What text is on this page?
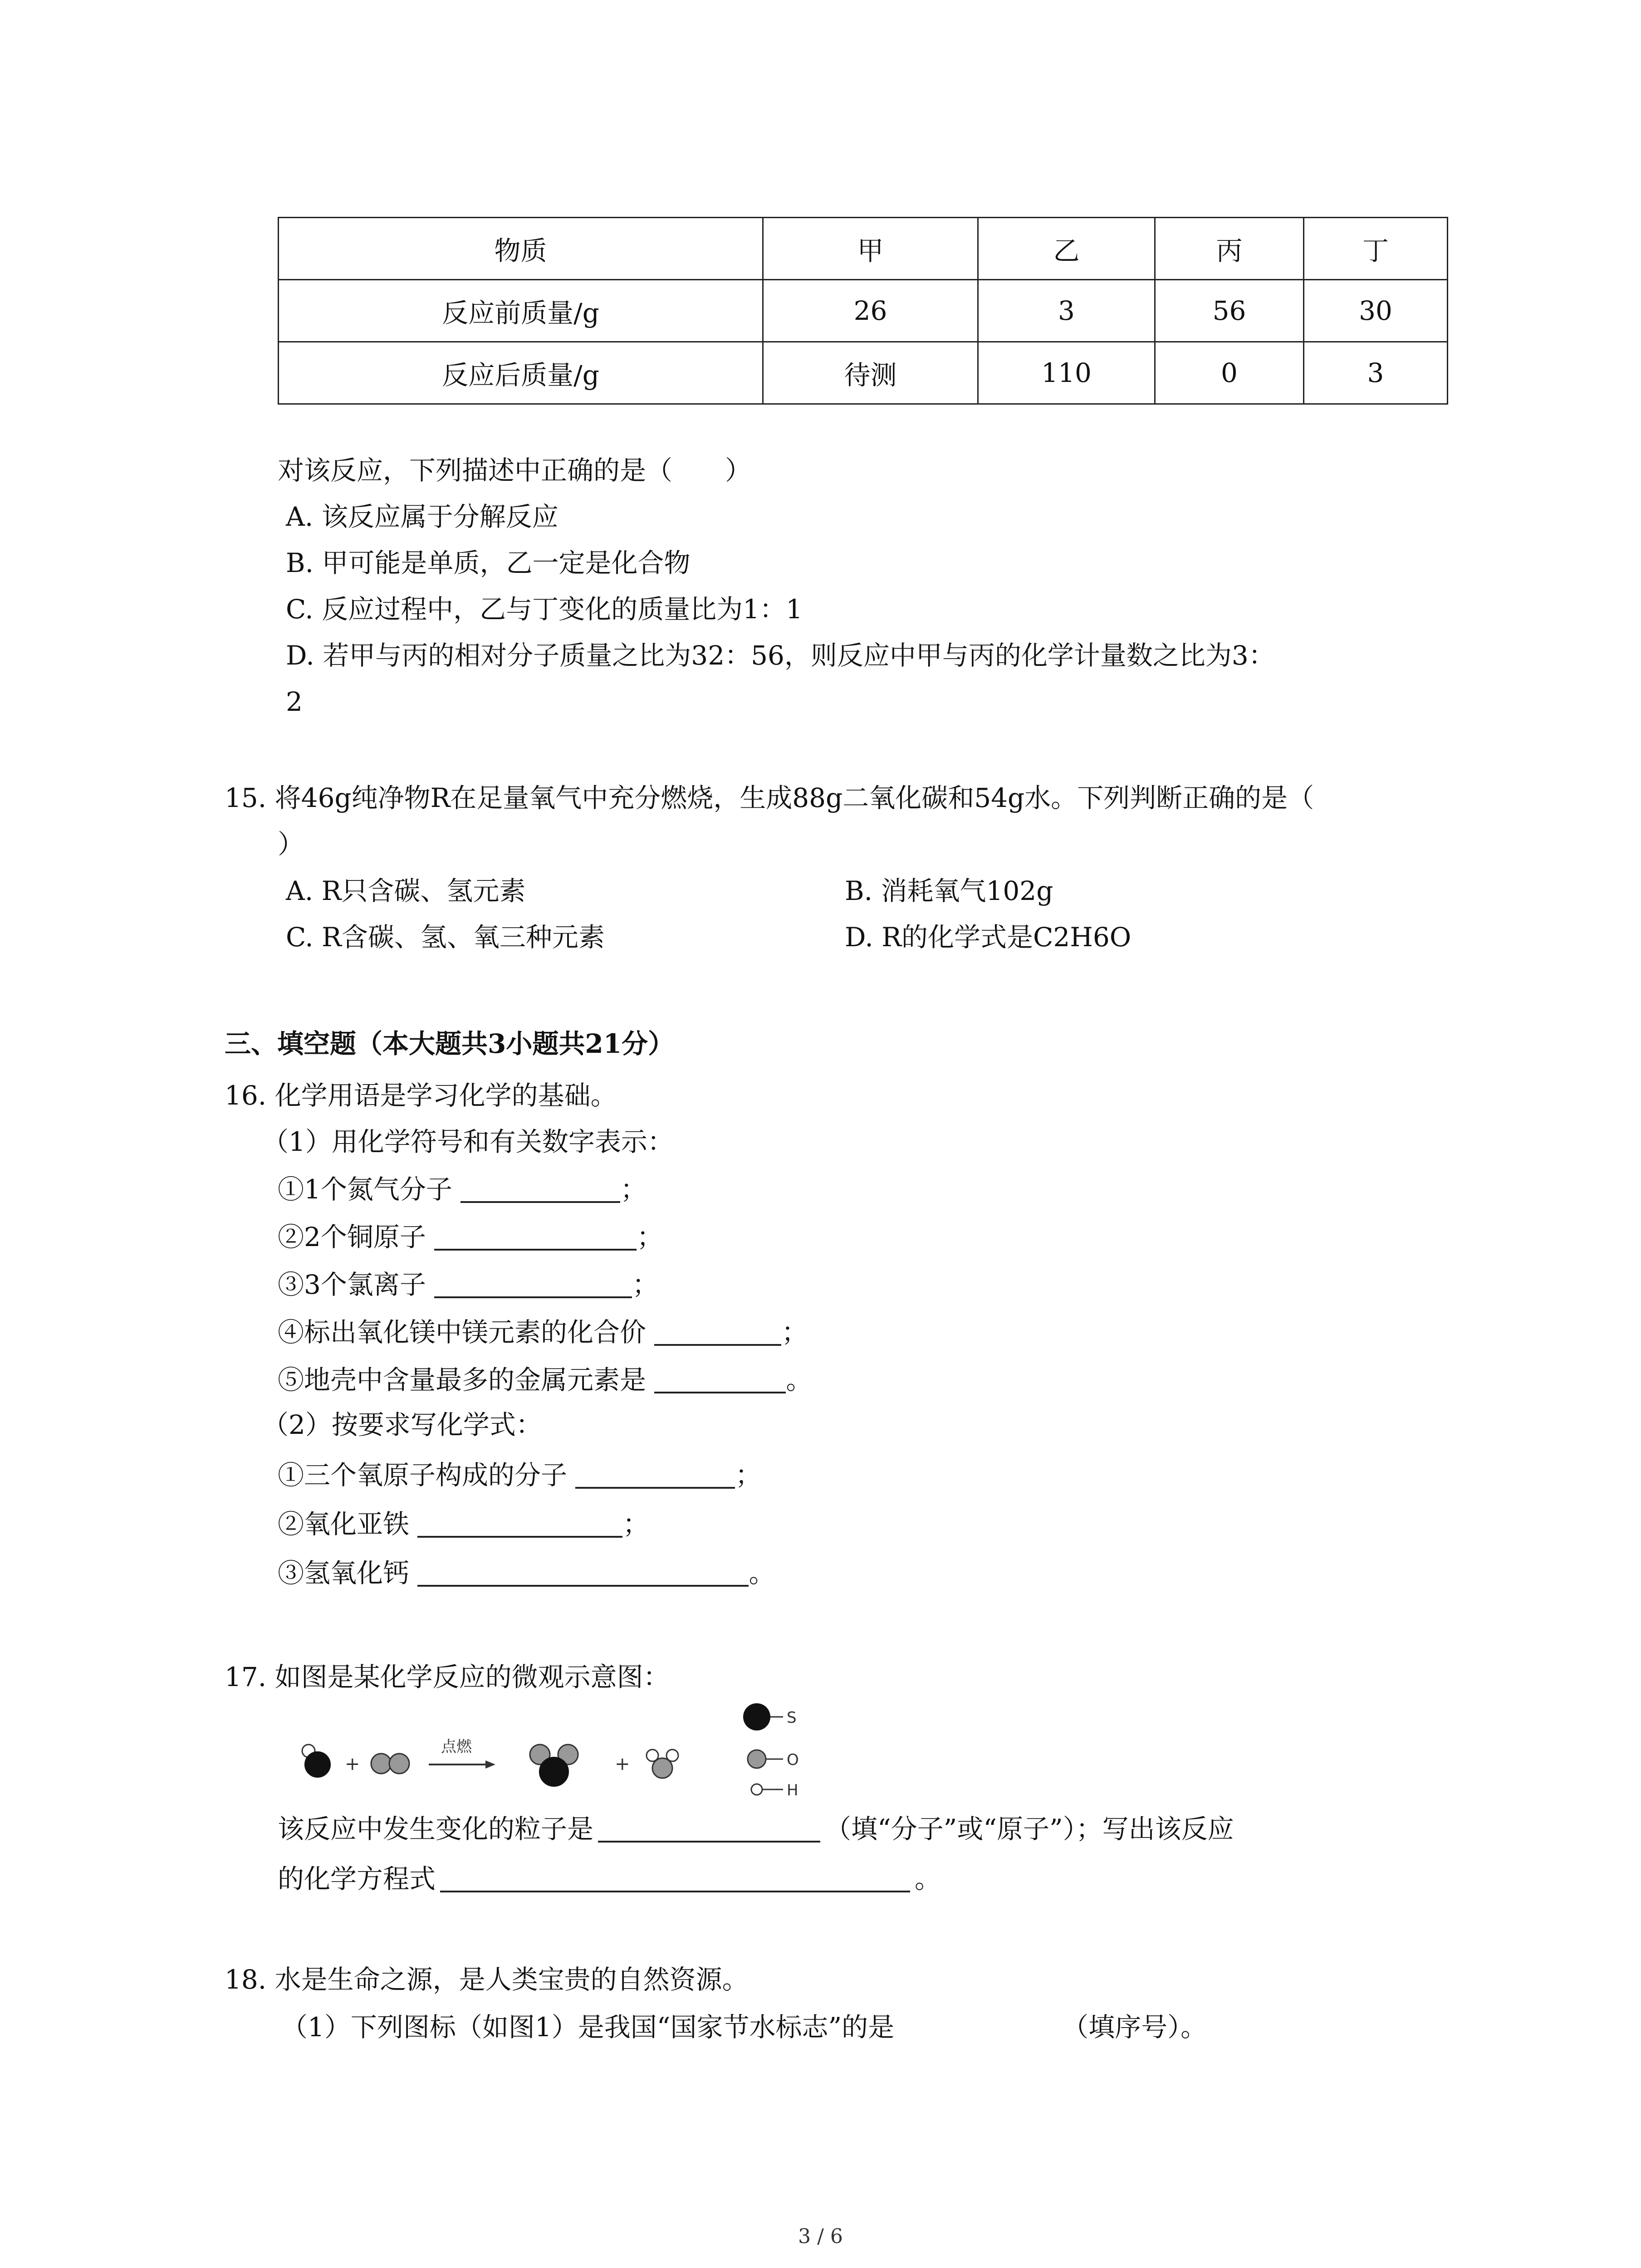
物质	甲	乙	丙	丁
反应前质量/g	26	3	56	30
反应后质量/g	待测	110	0	3
对该反应，下列描述中正确的是（　　）
A. 该反应属于分解反应
B. 甲可能是单质，乙一定是化合物
C. 反应过程中，乙与丁变化的质量比为1：1
D. 若甲与丙的相对分子质量之比为32：56，则反应中甲与丙的化学计量数之比为3：
2
15. 将46g纯净物R在足量氧气中充分燃烧，生成88g二氧化碳和54g水。下列判断正确的是（
）
A. R只含碳、氢元素	B. 消耗氧气102g
C. R含碳、氢、氧三种元素	D. R的化学式是C2H6O
三、填空题（本大题共3小题共21分）
16. 化学用语是学习化学的基础。
（1）用化学符号和有关数字表示：
①1个氮气分子	；
②2个铜原子	；
③3个氯离子	；
④标出氧化镁中镁元素的化合价	；
⑤地壳中含量最多的金属元素是	。
（2）按要求写化学式：
①三个氧原子构成的分子	；
②氧化亚铁	；
③氢氧化钙	。
17. 如图是某化学反应的微观示意图：
+
点燃
+
S
O
H
该反应中发生变化的粒子是	（填“分子”或“原子”）；写出该反应
的化学方程式	。
18. 水是生命之源，是人类宝贵的自然资源。
（1）下列图标（如图1）是我国“国家节水标志”的是	（填序号）。
3 / 6
